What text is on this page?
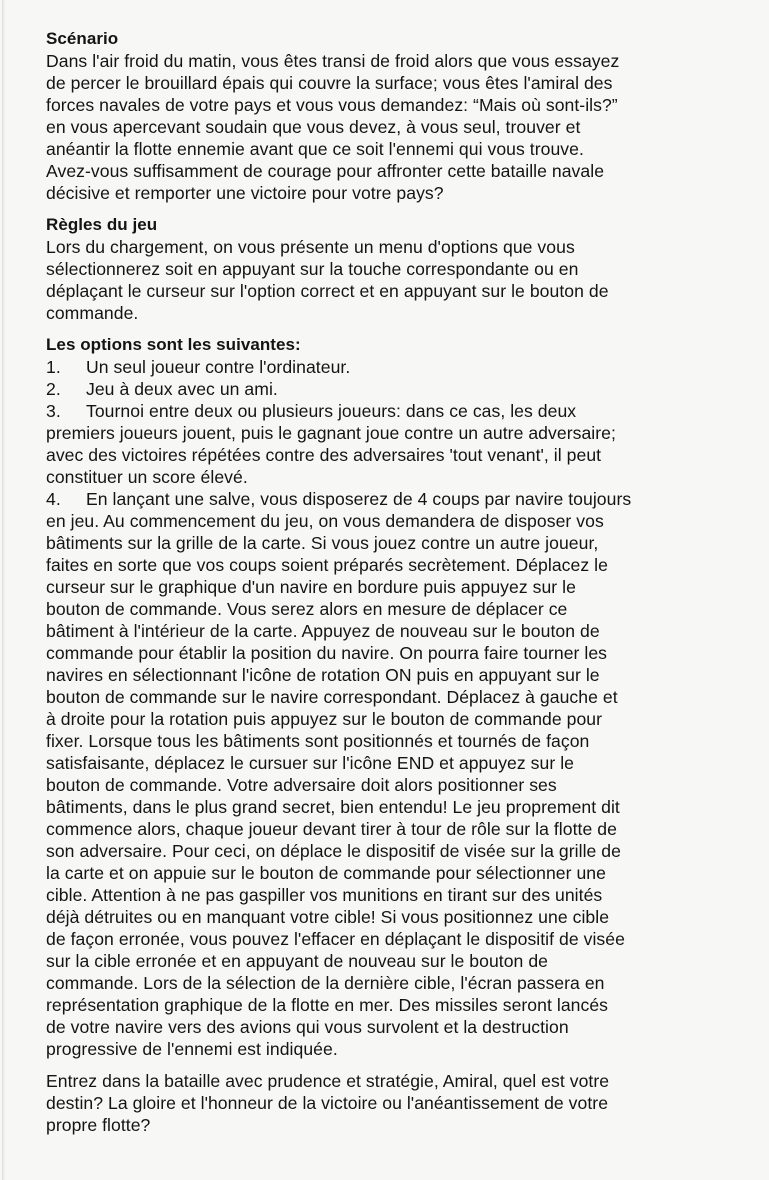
Scénario
Dans l'air froid du matin, vous êtes transi de froid alors que vous essayez
de percer le brouillard épais qui couvre la surface; vous êtes l'amiral des
forces navales de votre pays et vous vous demandez: “Mais où sont-ils?”
en vous apercevant soudain que vous devez, à vous seul, trouver et
anéantir la flotte ennemie avant que ce soit l'ennemi qui vous trouve.
Avez-vous suffisamment de courage pour affronter cette bataille navale
décisive et remporter une victoire pour votre pays?
Règles du jeu
Lors du chargement, on vous présente un menu d'options que vous
sélectionnerez soit en appuyant sur la touche correspondante ou en
déplaçant le curseur sur l'option correct et en appuyant sur le bouton de
commande.
Les options sont les suivantes:
1. Un seul joueur contre l'ordinateur.
2. Jeu à deux avec un ami.
3. Tournoi entre deux ou plusieurs joueurs: dans ce cas, les deux
premiers joueurs jouent, puis le gagnant joue contre un autre adversaire;
avec des victoires répétées contre des adversaires 'tout venant', il peut
constituer un score élevé.
4. En lançant une salve, vous disposerez de 4 coups par navire toujours
en jeu. Au commencement du jeu, on vous demandera de disposer vos
bâtiments sur la grille de la carte. Si vous jouez contre un autre joueur,
faites en sorte que vos coups soient préparés secrètement. Déplacez le
curseur sur le graphique d'un navire en bordure puis appuyez sur le
bouton de commande. Vous serez alors en mesure de déplacer ce
bâtiment à l'intérieur de la carte. Appuyez de nouveau sur le bouton de
commande pour établir la position du navire. On pourra faire tourner les
navires en sélectionnant l'icône de rotation ON puis en appuyant sur le
bouton de commande sur le navire correspondant. Déplacez à gauche et
à droite pour la rotation puis appuyez sur le bouton de commande pour
fixer. Lorsque tous les bâtiments sont positionnés et tournés de façon
satisfaisante, déplacez le cursuer sur l'icône END et appuyez sur le
bouton de commande. Votre adversaire doit alors positionner ses
bâtiments, dans le plus grand secret, bien entendu! Le jeu proprement dit
commence alors, chaque joueur devant tirer à tour de rôle sur la flotte de
son adversaire. Pour ceci, on déplace le dispositif de visée sur la grille de
la carte et on appuie sur le bouton de commande pour sélectionner une
cible. Attention à ne pas gaspiller vos munitions en tirant sur des unités
déjà détruites ou en manquant votre cible! Si vous positionnez une cible
de façon erronée, vous pouvez l'effacer en déplaçant le dispositif de visée
sur la cible erronée et en appuyant de nouveau sur le bouton de
commande. Lors de la sélection de la dernière cible, l'écran passera en
représentation graphique de la flotte en mer. Des missiles seront lancés
de votre navire vers des avions qui vous survolent et la destruction
progressive de l'ennemi est indiquée.
Entrez dans la bataille avec prudence et stratégie, Amiral, quel est votre
destin? La gloire et l'honneur de la victoire ou l'anéantissement de votre
propre flotte?
